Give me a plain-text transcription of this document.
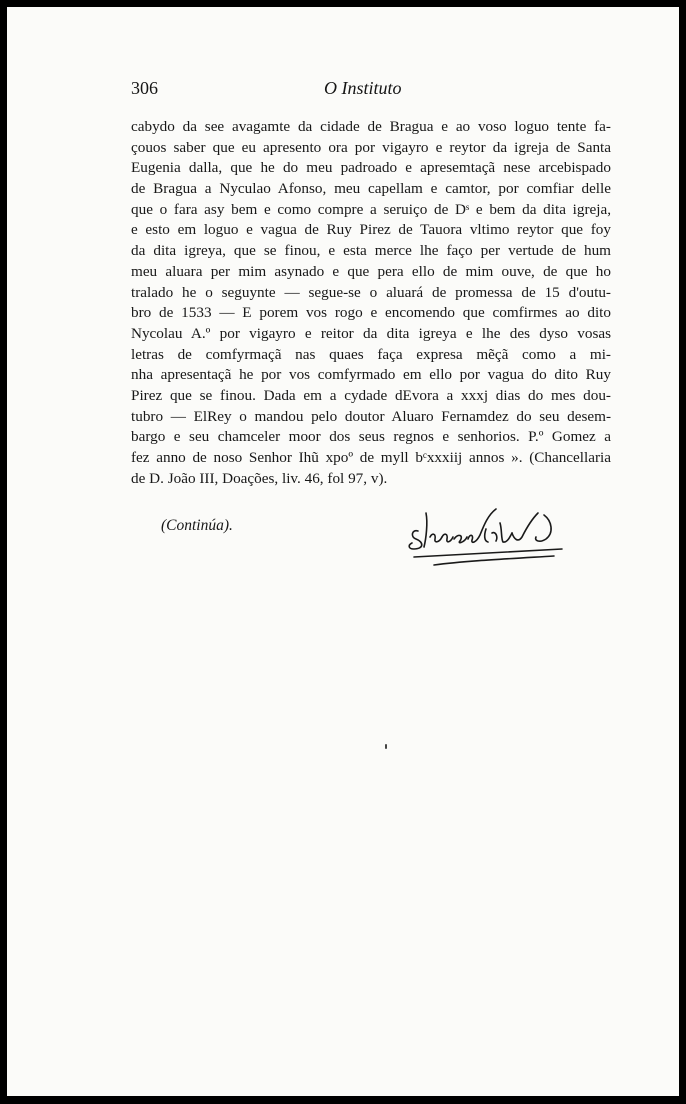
306	O Instituto
cabydo da see avagamte da cidade de Bragua e ao voso loguo tente fa-
çouos saber que eu apresento ora por vigayro e reytor da igreja de Santa
Eugenia dalla, que he do meu padroado e apresemtaçã nese arcebispado
de Bragua a Nyculao Afonso, meu capellam e camtor, por comfiar delle
que o fara asy bem e como compre a seruiço de Dˢ e bem da dita igreja,
e esto em loguo e vagua de Ruy Pirez de Tauora vltimo reytor que foy
da dita igreya, que se finou, e esta merce lhe faço per vertude de hum
meu aluara per mim asynado e que pera ello de mim ouve, de que ho
tralado he o seguynte — segue-se o aluará de promessa de 15 d'outu-
bro de 1533 — E porem vos rogo e encomendo que comfirmes ao dito
Nycolau A.º por vigayro e reitor da dita igreya e lhe des dyso vosas
letras de comfyrmaçã nas quaes faça expresa mẽçã como a mi-
nha apresentaçã he por vos comfyrmado em ello por vagua do dito Ruy
Pirez que se finou. Dada em a cydade dEvora a xxxj dias do mes dou-
tubro — ElRey o mandou pelo doutor Aluaro Fernamdez do seu desem-
bargo e seu chamceler moor dos seus regnos e senhorios. P.º Gomez a
fez anno de noso Senhor Ihũ xpoº de myll bᶜxxxiij annos ». (Chancellaria
de D. João III, Doações, liv. 46, fol 97, v).
(Continúa).
